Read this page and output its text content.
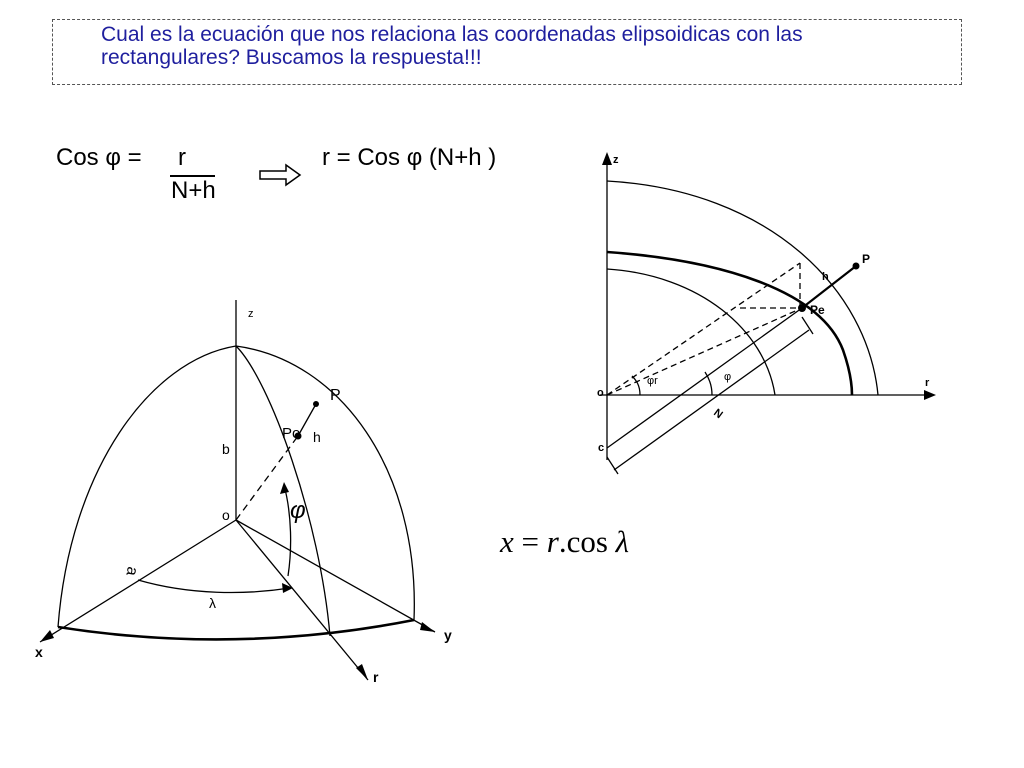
Cual es la ecuación que nos relaciona las coordenadas elipsoidicas con las rectangulares? Buscamos la respuesta!!!

Cos φ = r
N+h
r = Cos φ (N+h )
z
b
o
P
Po h
φ
a
λ
x
y
r
z
P
h
Pe
o
φr	φ
N
r
c
x = r.cos λ
